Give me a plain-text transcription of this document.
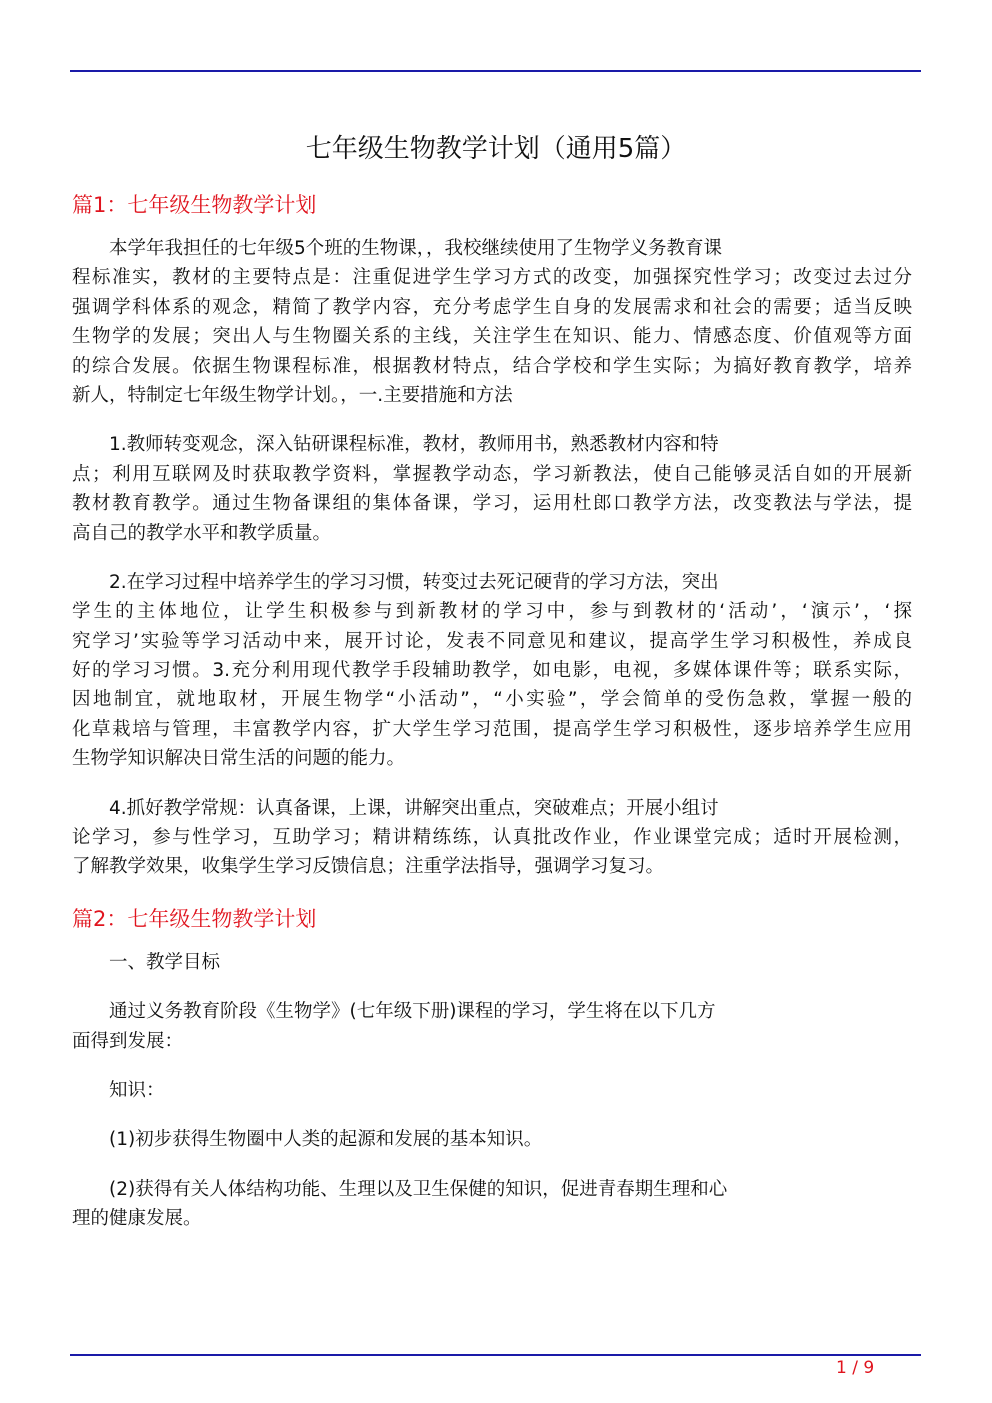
七年级生物教学计划（通用5篇）
篇1：七年级生物教学计划
本学年我担任的七年级5个班的生物课，，我校继续使用了生物学义务教育课
程标准实，教材的主要特点是：注重促进学生学习方式的改变，加强探究性学习；改变过去过分
强调学科体系的观念，精简了教学内容，充分考虑学生自身的发展需求和社会的需要；适当反映
生物学的发展；突出人与生物圈关系的主线，关注学生在知识、能力、情感态度、价值观等方面
的综合发展。依据生物课程标准，根据教材特点，结合学校和学生实际；为搞好教育教学，培养
新人，特制定七年级生物学计划。，一.主要措施和方法
1.教师转变观念，深入钻研课程标准，教材，教师用书，熟悉教材内容和特
点；利用互联网及时获取教学资料，掌握教学动态，学习新教法，使自己能够灵活自如的开展新
教材教育教学。通过生物备课组的集体备课，学习，运用杜郎口教学方法，改变教法与学法，提
高自己的教学水平和教学质量。
2.在学习过程中培养学生的学习习惯，转变过去死记硬背的学习方法，突出
学生的主体地位，让学生积极参与到新教材的学习中，参与到教材的‘活动’，‘演示’，‘探
究学习’实验等学习活动中来，展开讨论，发表不同意见和建议，提高学生学习积极性，养成良
好的学习习惯。3.充分利用现代教学手段辅助教学，如电影，电视，多媒体课件等；联系实际，
因地制宜，就地取材，开展生物学“小活动”，“小实验”，学会简单的受伤急救，掌握一般的
化草栽培与管理，丰富教学内容，扩大学生学习范围，提高学生学习积极性，逐步培养学生应用
生物学知识解决日常生活的问题的能力。
4.抓好教学常规：认真备课，上课，讲解突出重点，突破难点；开展小组讨
论学习，参与性学习，互助学习；精讲精练练，认真批改作业，作业课堂完成；适时开展检测，
了解教学效果，收集学生学习反馈信息；注重学法指导，强调学习复习。
篇2：七年级生物教学计划
一、教学目标
通过义务教育阶段《生物学》(七年级下册)课程的学习，学生将在以下几方
面得到发展：
知识：
(1)初步获得生物圈中人类的起源和发展的基本知识。
(2)获得有关人体结构功能、生理以及卫生保健的知识，促进青春期生理和心
理的健康发展。
1 / 9
